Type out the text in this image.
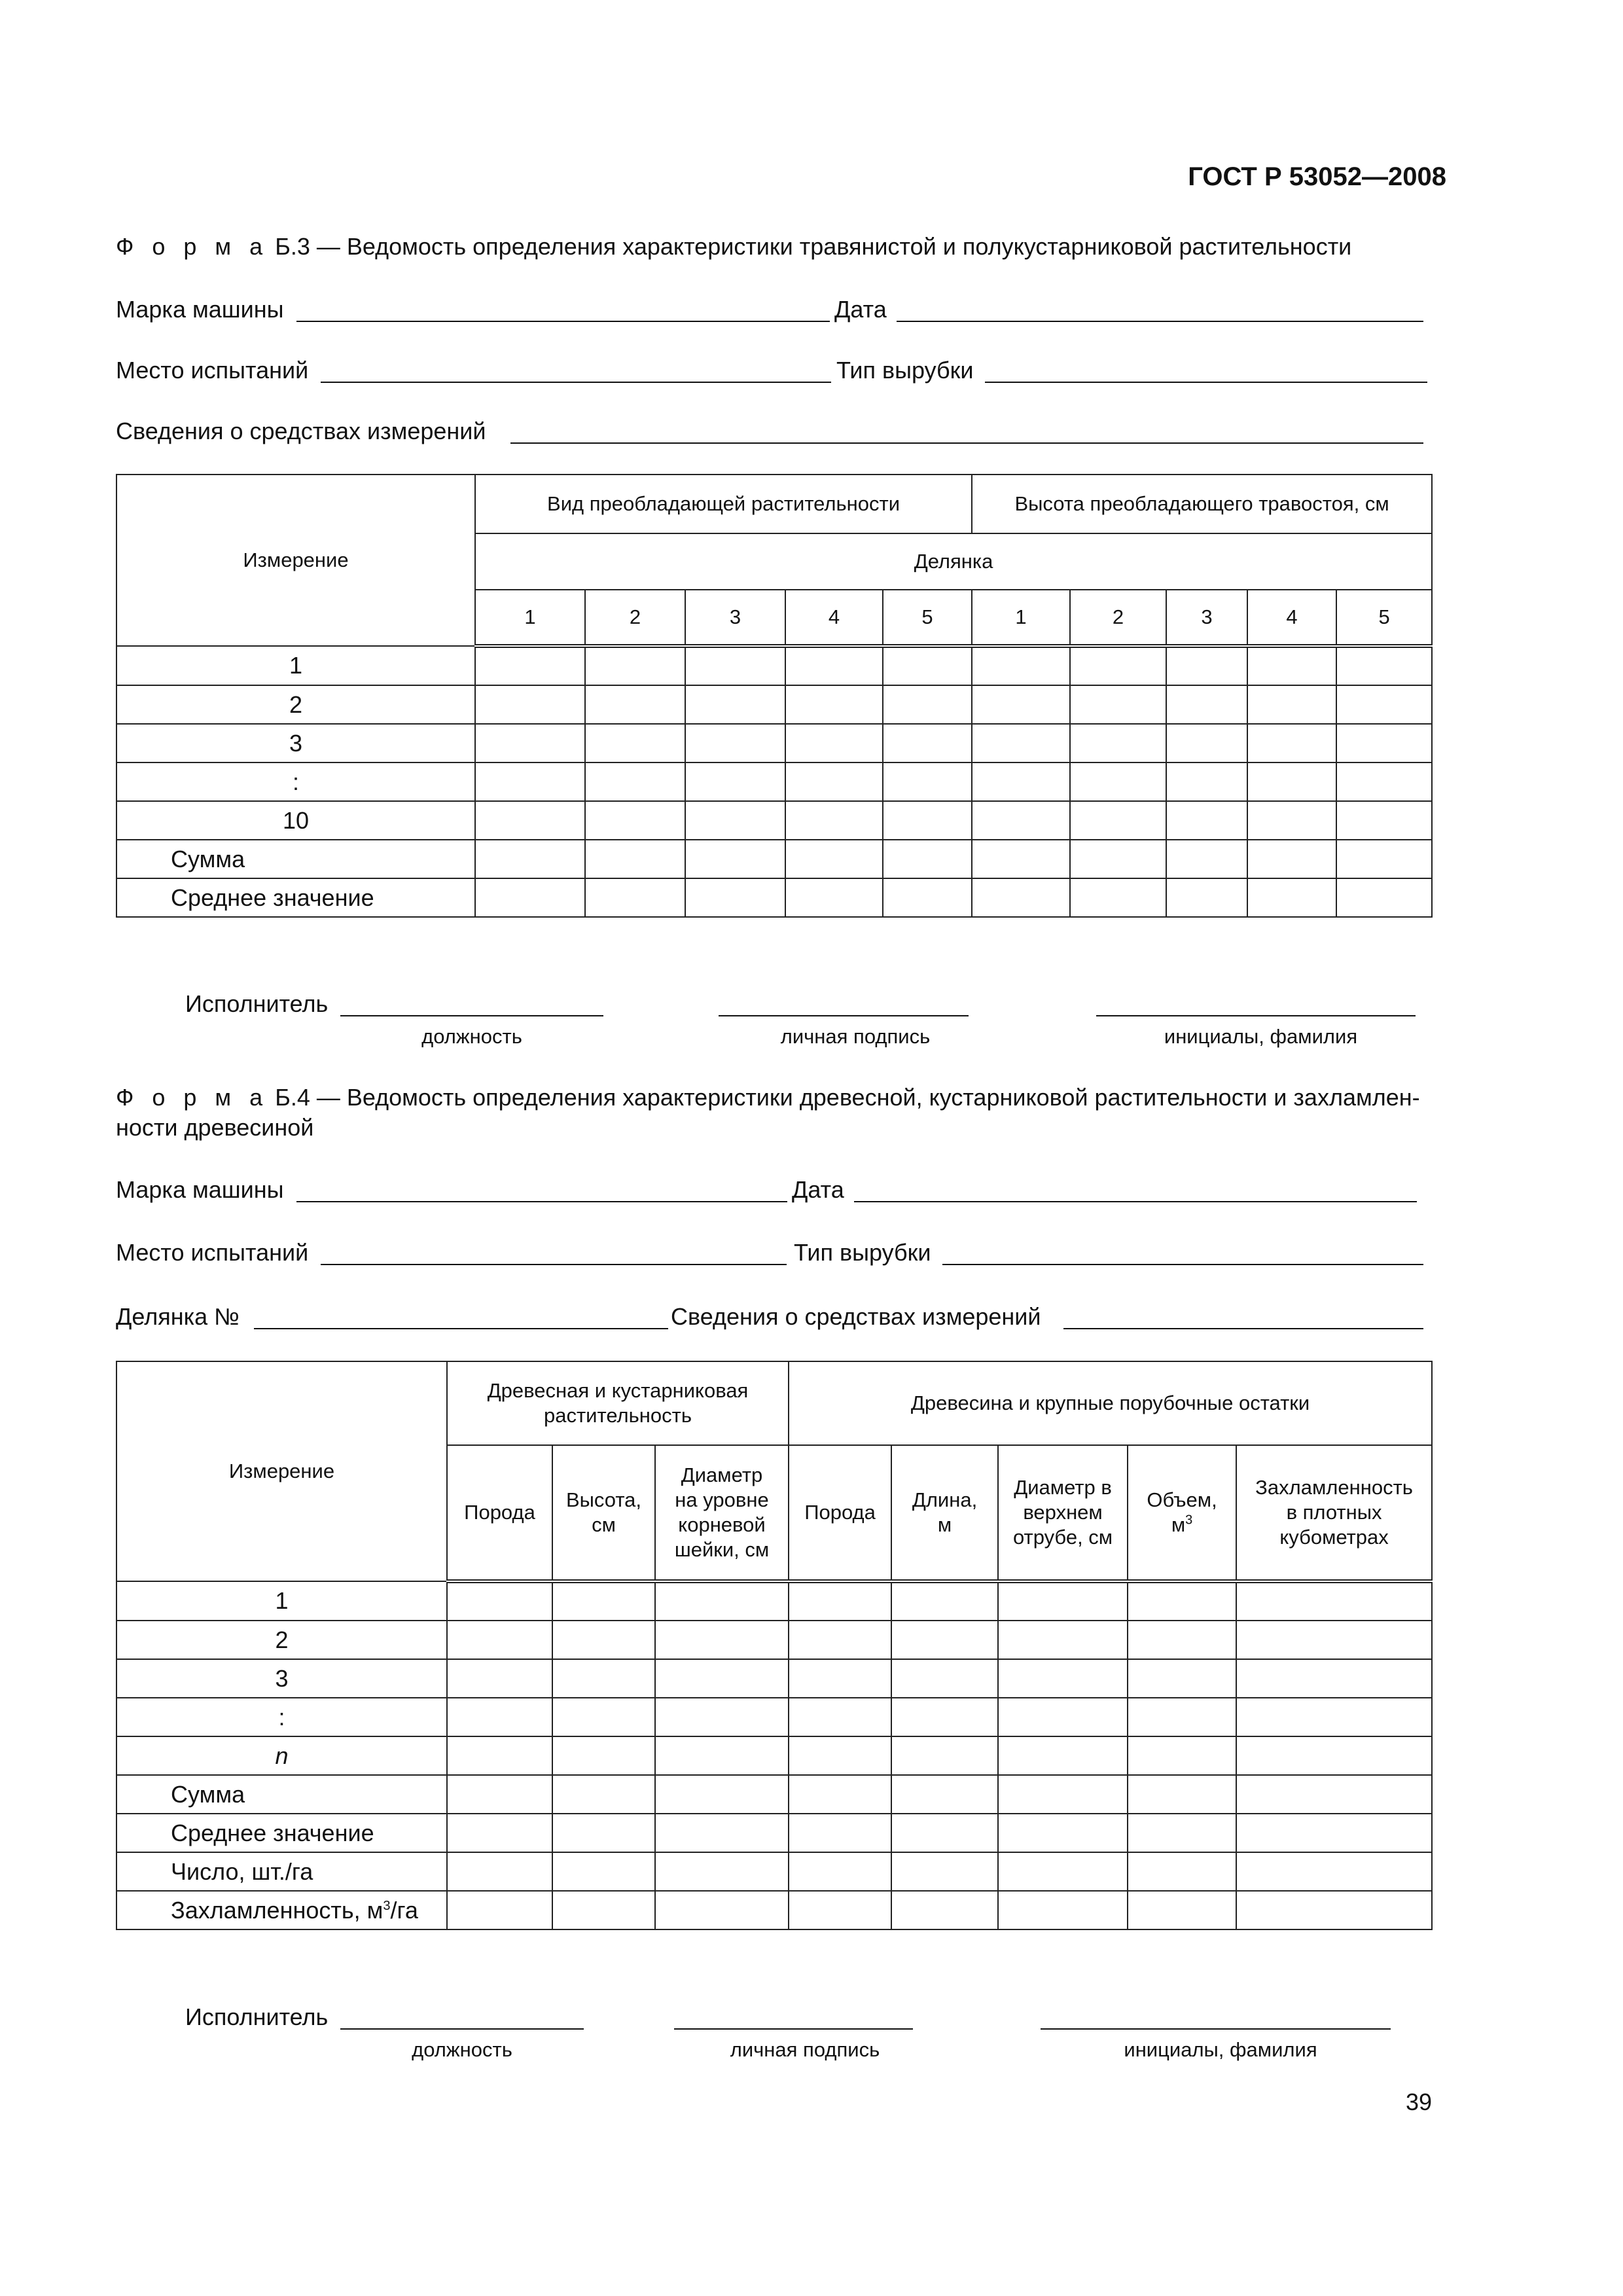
ГОСТ Р 53052—2008
Ф о р м а Б.3 — Ведомость определения характеристики травянистой и полукустарниковой растительности
Марка машины	Дата
Место испытаний	Тип вырубки
Сведения о средствах измерений
Измерение	Вид преобладающей растительности					Высота преобладающего травостоя, см				
	Делянка									
	1	2	3	4	5	1	2	3	4	5
1										
2										
3										
:										
10										
Сумма										
Среднее значение										
Исполнитель
должность	личная подпись	инициалы, фамилия
Ф о р м а Б.4 — Ведомость определения характеристики древесной, кустарниковой растительности и захламлен-
ности древесиной
Марка машины	Дата
Место испытаний	Тип вырубки
Делянка №	Сведения о средствах измерений
Измерение	Древесная и кустарниковая растительность			Древесина и крупные порубочные остатки				
	Порода	Высота, см	Диаметр на уровне корневой шейки, см	Порода	Длина, м	Диаметр в верхнем отрубе, см	Объем, $м^3$	Захламленность в плотных кубометрах
1								
2								
3								
:								
n								
Сумма								
Среднее значение								
Число, шт./га								
Захламленность, $м^3/га$								
Исполнитель
должность	личная подпись	инициалы, фамилия
39
